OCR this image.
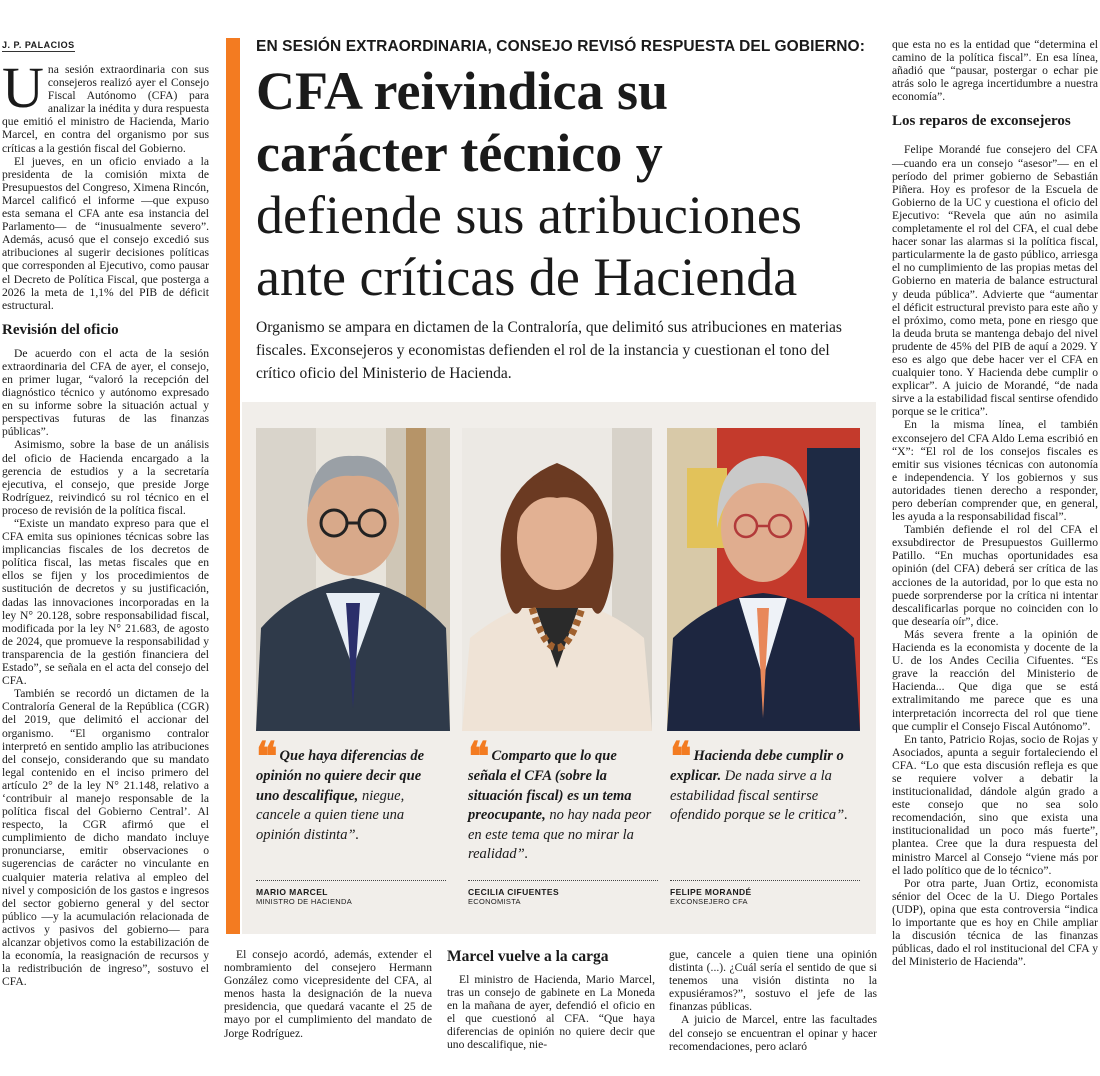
J. P. PALACIOS

Una sesión extraordinaria con sus consejeros realizó ayer el Consejo Fiscal Autónomo (CFA) para analizar la inédita y dura respuesta que emitió el ministro de Hacienda, Mario Marcel, en contra del organismo por sus críticas a la gestión fiscal del Gobierno.

El jueves, en un oficio enviado a la presidenta de la comisión mixta de Presupuestos del Congreso, Ximena Rincón, Marcel calificó el informe —que expuso esta semana el CFA ante esa instancia del Parlamento— de “inusualmente severo”. Además, acusó que el consejo excedió sus atribuciones al sugerir decisiones políticas que corresponden al Ejecutivo, como pausar el Decreto de Política Fiscal, que posterga a 2026 la meta de 1,1% del PIB de déficit estructural.

Revisión del oficio

De acuerdo con el acta de la sesión extraordinaria del CFA de ayer, el consejo, en primer lugar, “valoró la recepción del diagnóstico técnico y autónomo expresado en su informe sobre la situación actual y perspectivas futuras de las finanzas públicas”.

Asimismo, sobre la base de un análisis del oficio de Hacienda encargado a la gerencia de estudios y a la secretaría ejecutiva, el consejo, que preside Jorge Rodríguez, reivindicó su rol técnico en el proceso de revisión de la política fiscal.

“Existe un mandato expreso para que el CFA emita sus opiniones técnicas sobre las implicancias fiscales de los decretos de política fiscal, las metas fiscales que en ellos se fijen y los procedimientos de sustitución de decretos y su justificación, dadas las innovaciones incorporadas en la ley N° 20.128, sobre responsabilidad fiscal, modificada por la ley N° 21.683, de agosto de 2024, que promueve la responsabilidad y transparencia de la gestión financiera del Estado”, se señala en el acta del consejo del CFA.

También se recordó un dictamen de la Contraloría General de la República (CGR) del 2019, que delimitó el accionar del organismo. “El organismo contralor interpretó en sentido amplio las atribuciones del consejo, considerando que su mandato legal contenido en el inciso primero del artículo 2° de la ley N° 21.148, relativo a ‘contribuir al manejo responsable de la política fiscal del Gobierno Central’. Al respecto, la CGR afirmó que el cumplimiento de dicho mandato incluye pronunciarse, emitir observaciones o sugerencias de carácter no vinculante en cualquier materia relativa al empleo del nivel y composición de los gastos e ingresos del sector gobierno general y del sector público —y la acumulación relacionada de activos y pasivos del gobierno— para alcanzar objetivos como la estabilización de la economía, la reasignación de recursos y la redistribución de ingreso”, sostuvo el CFA.

EN SESIÓN EXTRAORDINARIA, CONSEJO REVISÓ RESPUESTA DEL GOBIERNO:
CFA reivindica su
carácter técnico y
defiende sus atribuciones
ante críticas de Hacienda
Organismo se ampara en dictamen de la Contraloría, que delimitó sus atribuciones en materias fiscales. Exconsejeros y economistas defienden el rol de la instancia y cuestionan el tono del crítico oficio del Ministerio de Hacienda.
❝ Que haya diferencias de opinión no quiere decir que uno descalifique, niegue, cancele a quien tiene una opinión distinta”.
❝ Comparto que lo que señala el CFA (sobre la situación fiscal) es un tema preocupante, no hay nada peor en este tema que no mirar la realidad”.
❝ Hacienda debe cumplir o explicar. De nada sirve a la estabilidad fiscal sentirse ofendido porque se le critica”.
MARIO MARCEL
MINISTRO DE HACIENDA
CECILIA CIFUENTES
ECONOMISTA
FELIPE MORANDÉ
EXCONSEJERO CFA

El consejo acordó, además, extender el nombramiento del consejero Hermann González como vicepresidente del CFA, al menos hasta la designación de la nueva presidencia, que quedará vacante el 25 de mayo por el cumplimiento del mandato de Jorge Rodríguez.

Marcel vuelve a la carga

El ministro de Hacienda, Mario Marcel, tras un consejo de gabinete en La Moneda en la mañana de ayer, defendió el oficio en el que cuestionó al CFA. “Que haya diferencias de opinión no quiere decir que uno descalifique, nie-

gue, cancele a quien tiene una opinión distinta (...). ¿Cuál sería el sentido de que si tenemos una visión distinta no la expusiéramos?”, sostuvo el jefe de las finanzas públicas.

A juicio de Marcel, entre las facultades del consejo se encuentran el opinar y hacer recomendaciones, pero aclaró

que esta no es la entidad que “determina el camino de la política fiscal”. En esa línea, añadió que “pausar, postergar o echar pie atrás solo le agrega incertidumbre a nuestra economía”.

Los reparos de exconsejeros

Felipe Morandé fue consejero del CFA —cuando era un consejo “asesor”— en el período del primer gobierno de Sebastián Piñera. Hoy es profesor de la Escuela de Gobierno de la UC y cuestiona el oficio del Ejecutivo: “Revela que aún no asimila completamente el rol del CFA, el cual debe hacer sonar las alarmas si la política fiscal, particularmente la de gasto público, arriesga el no cumplimiento de las propias metas del Gobierno en materia de balance estructural y deuda pública”. Advierte que “aumentar el déficit estructural previsto para este año y el próximo, como meta, pone en riesgo que la deuda bruta se mantenga debajo del nivel prudente de 45% del PIB de aquí a 2029. Y eso es algo que debe hacer ver el CFA en cualquier tono. Y Hacienda debe cumplir o explicar”. A juicio de Morandé, “de nada sirve a la estabilidad fiscal sentirse ofendido porque se le critica”.

En la misma línea, el también exconsejero del CFA Aldo Lema escribió en “X”: “El rol de los consejos fiscales es emitir sus visiones técnicas con autonomía e independencia. Y los gobiernos y sus autoridades tienen derecho a responder, pero deberían comprender que, en general, les ayuda a la responsabilidad fiscal”.

También defiende el rol del CFA el exsubdirector de Presupuestos Guillermo Patillo. “En muchas oportunidades esa opinión (del CFA) deberá ser crítica de las acciones de la autoridad, por lo que esta no puede sorprenderse por la crítica ni intentar descalificarlas porque no coinciden con lo que desearía oír”, dice.

Más severa frente a la opinión de Hacienda es la economista y docente de la U. de los Andes Cecilia Cifuentes. “Es grave la reacción del Ministerio de Hacienda... Que diga que se está extralimitando me parece que es una interpretación incorrecta del rol que tiene que cumplir el Consejo Fiscal Autónomo”.

En tanto, Patricio Rojas, socio de Rojas y Asociados, apunta a seguir fortaleciendo el CFA. “Lo que esta discusión refleja es que se requiere volver a debatir la institucionalidad, dándole algún grado a este consejo que no sea solo recomendación, sino que exista una institucionalidad un poco más fuerte”, plantea. Cree que la dura respuesta del ministro Marcel al Consejo “viene más por el lado político que de lo técnico”.

Por otra parte, Juan Ortiz, economista sénior del Ocec de la U. Diego Portales (UDP), opina que esta controversia “indica lo importante que es hoy en Chile ampliar la discusión técnica de las finanzas públicas, dado el rol institucional del CFA y del Ministerio de Hacienda”.
